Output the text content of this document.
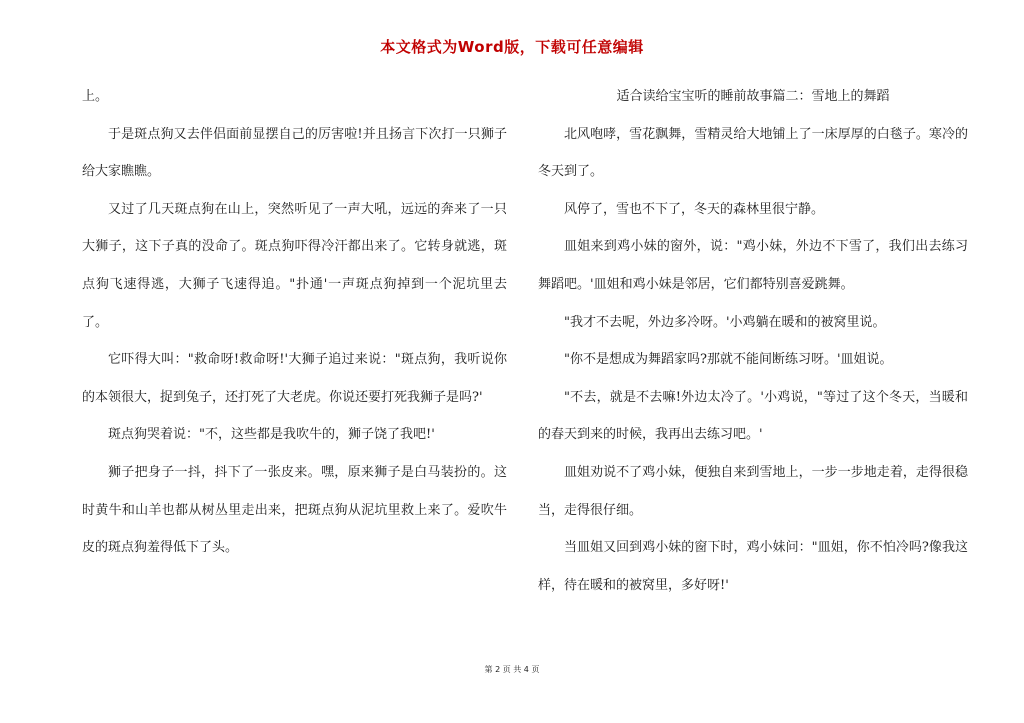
本文格式为Word版，下载可任意编辑

上。

于是斑点狗又去伴侣面前显摆自己的厉害啦!并且扬言下次打一只狮子给大家瞧瞧。

又过了几天斑点狗在山上，突然听见了一声大吼，远远的奔来了一只大狮子，这下子真的没命了。斑点狗吓得冷汗都出来了。它转身就逃，斑点狗飞速得逃，大狮子飞速得追。"扑通'一声斑点狗掉到一个泥坑里去了。

它吓得大叫："救命呀!救命呀!'大狮子追过来说："斑点狗，我听说你的本领很大，捉到兔子，还打死了大老虎。你说还要打死我狮子是吗?'

斑点狗哭着说："不，这些都是我吹牛的，狮子饶了我吧!'

狮子把身子一抖，抖下了一张皮来。嘿，原来狮子是白马装扮的。这时黄牛和山羊也都从树丛里走出来，把斑点狗从泥坑里救上来了。爱吹牛皮的斑点狗羞得低下了头。

适合读给宝宝听的睡前故事篇二：雪地上的舞蹈

北风咆哮，雪花飘舞，雪精灵给大地铺上了一床厚厚的白毯子。寒冷的冬天到了。

风停了，雪也不下了，冬天的森林里很宁静。

皿姐来到鸡小妹的窗外，说："鸡小妹，外边不下雪了，我们出去练习舞蹈吧。'皿姐和鸡小妹是邻居，它们都特别喜爱跳舞。

"我才不去呢，外边多冷呀。'小鸡躺在暖和的被窝里说。

"你不是想成为舞蹈家吗?那就不能间断练习呀。'皿姐说。

"不去，就是不去嘛!外边太冷了。'小鸡说，"等过了这个冬天，当暖和的春天到来的时候，我再出去练习吧。'

皿姐劝说不了鸡小妹，便独自来到雪地上，一步一步地走着，走得很稳当，走得很仔细。

当皿姐又回到鸡小妹的窗下时，鸡小妹问："皿姐，你不怕冷吗?像我这样，待在暖和的被窝里，多好呀!'

第 2 页 共 4 页
